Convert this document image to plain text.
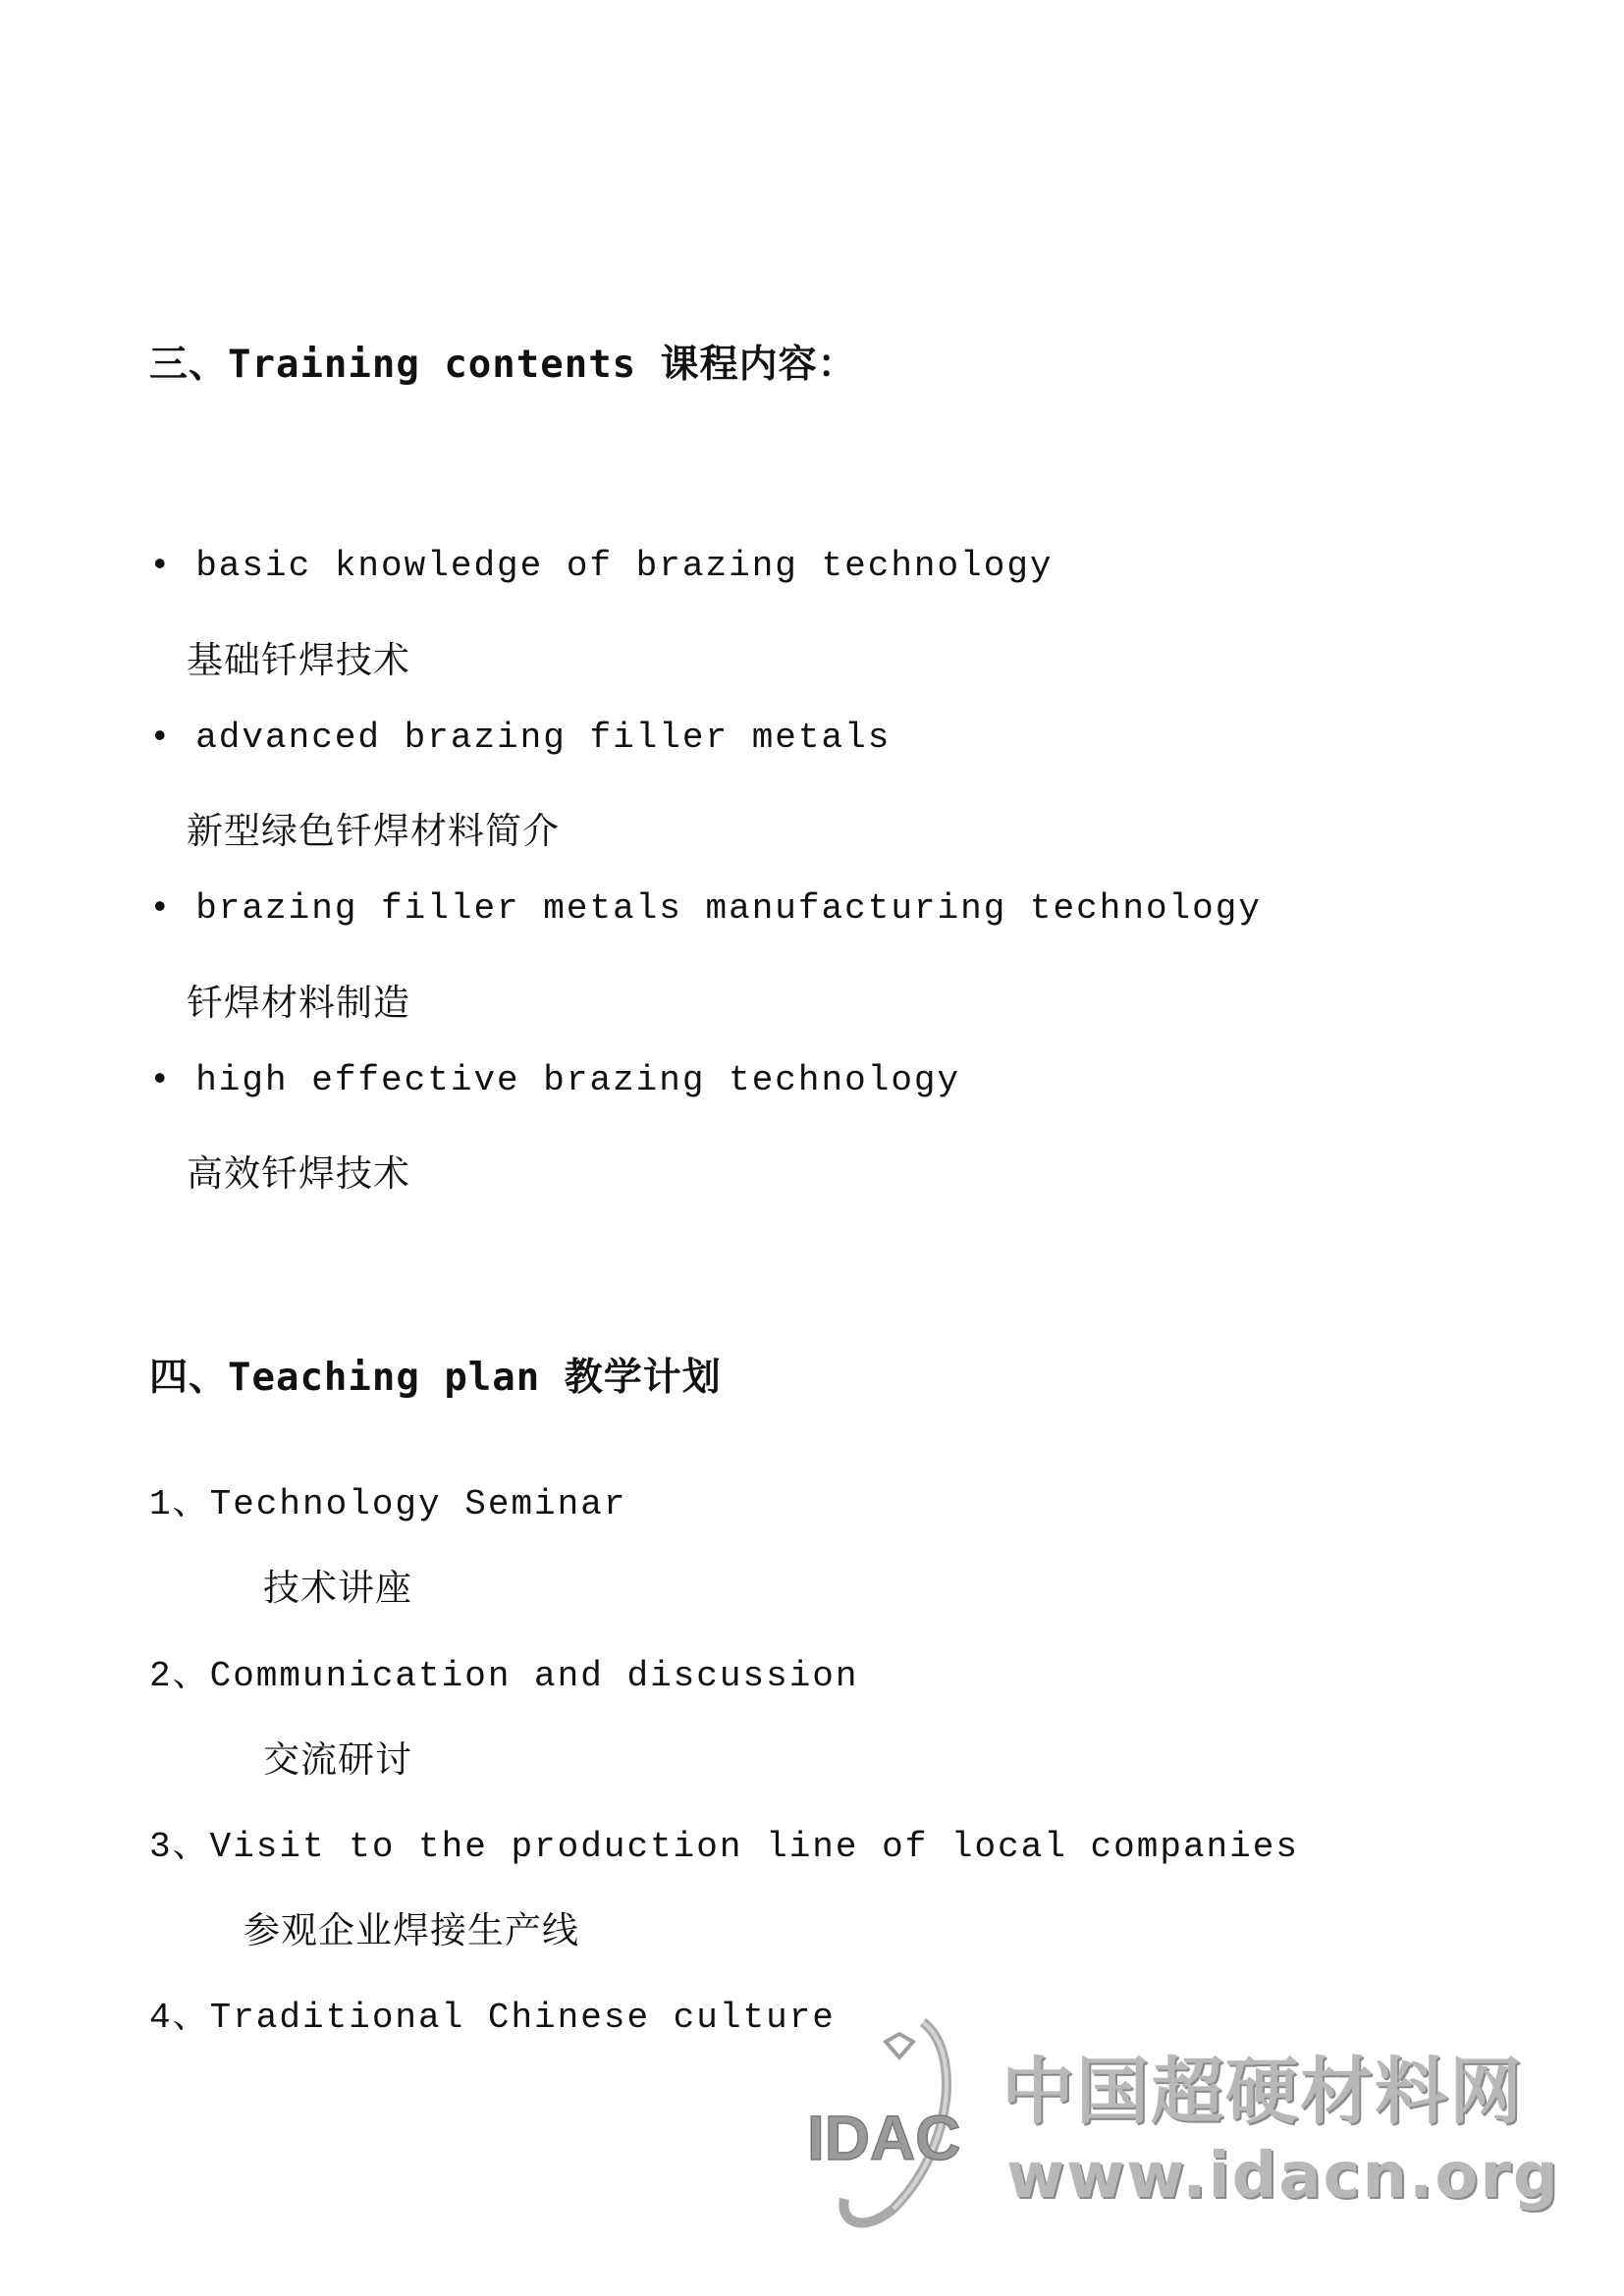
三、Training contents 课程内容：

• basic knowledge of brazing technology

基础钎焊技术

• advanced brazing filler metals

新型绿色钎焊材料简介

• brazing filler metals manufacturing technology

钎焊材料制造

• high effective brazing technology

高效钎焊技术

四、Teaching plan 教学计划

1、Technology Seminar

技术讲座

2、Communication and discussion

交流研讨

3、Visit to the production line of local companies

参观企业焊接生产线

4、Traditional Chinese culture

IDAC
中国超硬材料网
www.idacn.org
